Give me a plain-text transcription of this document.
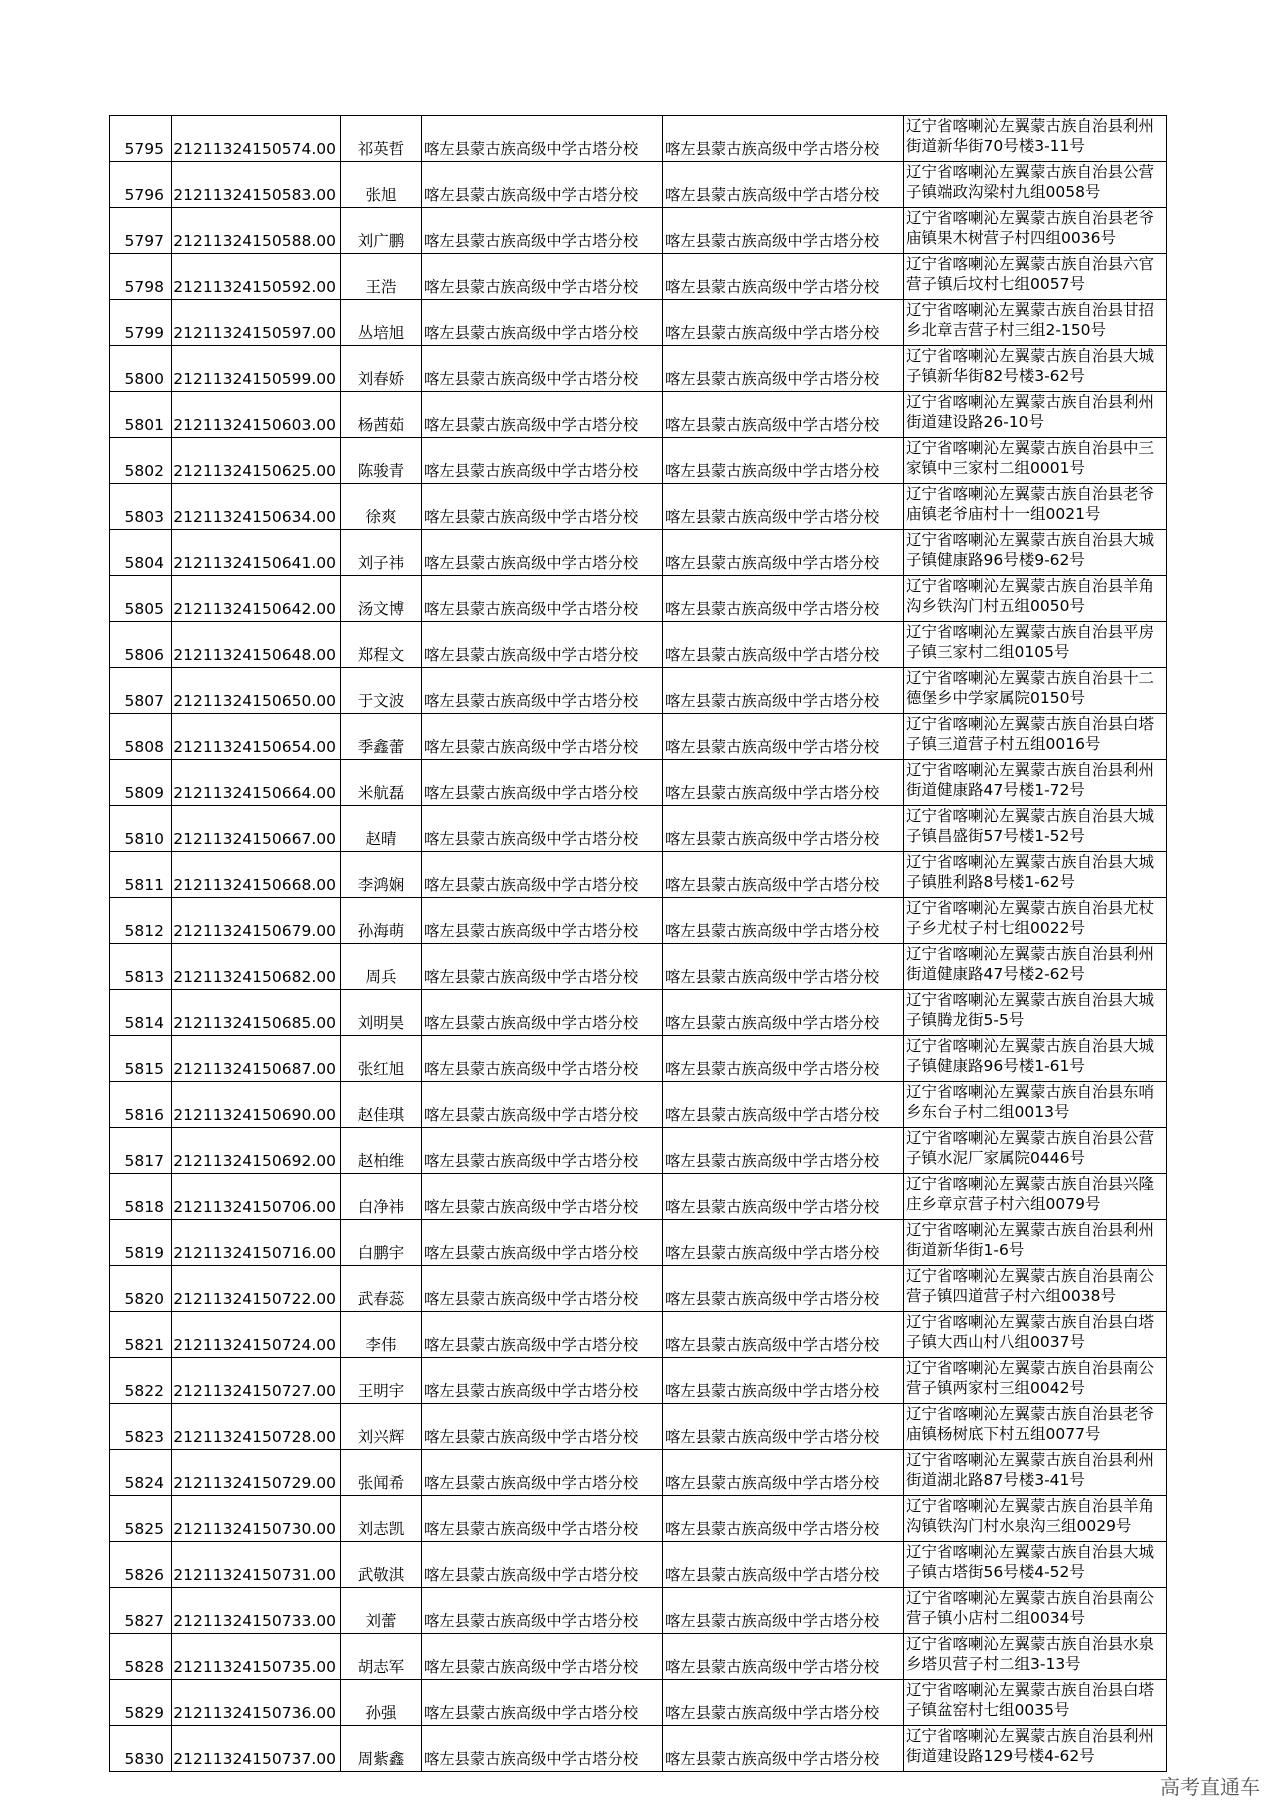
5795	21211324150574.00	祁英哲	喀左县蒙古族高级中学古塔分校	喀左县蒙古族高级中学古塔分校	辽宁省喀喇沁左翼蒙古族自治县利州街道新华街70号楼3-11号
5796	21211324150583.00	张旭	喀左县蒙古族高级中学古塔分校	喀左县蒙古族高级中学古塔分校	辽宁省喀喇沁左翼蒙古族自治县公营子镇端政沟梁村九组0058号
5797	21211324150588.00	刘广鹏	喀左县蒙古族高级中学古塔分校	喀左县蒙古族高级中学古塔分校	辽宁省喀喇沁左翼蒙古族自治县老爷庙镇果木树营子村四组0036号
5798	21211324150592.00	王浩	喀左县蒙古族高级中学古塔分校	喀左县蒙古族高级中学古塔分校	辽宁省喀喇沁左翼蒙古族自治县六官营子镇后坟村七组0057号
5799	21211324150597.00	丛培旭	喀左县蒙古族高级中学古塔分校	喀左县蒙古族高级中学古塔分校	辽宁省喀喇沁左翼蒙古族自治县甘招乡北章吉营子村三组2-150号
5800	21211324150599.00	刘春娇	喀左县蒙古族高级中学古塔分校	喀左县蒙古族高级中学古塔分校	辽宁省喀喇沁左翼蒙古族自治县大城子镇新华街82号楼3-62号
5801	21211324150603.00	杨茜茹	喀左县蒙古族高级中学古塔分校	喀左县蒙古族高级中学古塔分校	辽宁省喀喇沁左翼蒙古族自治县利州街道建设路26-10号
5802	21211324150625.00	陈骏青	喀左县蒙古族高级中学古塔分校	喀左县蒙古族高级中学古塔分校	辽宁省喀喇沁左翼蒙古族自治县中三家镇中三家村二组0001号
5803	21211324150634.00	徐爽	喀左县蒙古族高级中学古塔分校	喀左县蒙古族高级中学古塔分校	辽宁省喀喇沁左翼蒙古族自治县老爷庙镇老爷庙村十一组0021号
5804	21211324150641.00	刘子祎	喀左县蒙古族高级中学古塔分校	喀左县蒙古族高级中学古塔分校	辽宁省喀喇沁左翼蒙古族自治县大城子镇健康路96号楼9-62号
5805	21211324150642.00	汤文博	喀左县蒙古族高级中学古塔分校	喀左县蒙古族高级中学古塔分校	辽宁省喀喇沁左翼蒙古族自治县羊角沟乡铁沟门村五组0050号
5806	21211324150648.00	郑程文	喀左县蒙古族高级中学古塔分校	喀左县蒙古族高级中学古塔分校	辽宁省喀喇沁左翼蒙古族自治县平房子镇三家村二组0105号
5807	21211324150650.00	于文波	喀左县蒙古族高级中学古塔分校	喀左县蒙古族高级中学古塔分校	辽宁省喀喇沁左翼蒙古族自治县十二德堡乡中学家属院0150号
5808	21211324150654.00	季鑫蕾	喀左县蒙古族高级中学古塔分校	喀左县蒙古族高级中学古塔分校	辽宁省喀喇沁左翼蒙古族自治县白塔子镇三道营子村五组0016号
5809	21211324150664.00	米航磊	喀左县蒙古族高级中学古塔分校	喀左县蒙古族高级中学古塔分校	辽宁省喀喇沁左翼蒙古族自治县利州街道健康路47号楼1-72号
5810	21211324150667.00	赵晴	喀左县蒙古族高级中学古塔分校	喀左县蒙古族高级中学古塔分校	辽宁省喀喇沁左翼蒙古族自治县大城子镇昌盛街57号楼1-52号
5811	21211324150668.00	李鸿娴	喀左县蒙古族高级中学古塔分校	喀左县蒙古族高级中学古塔分校	辽宁省喀喇沁左翼蒙古族自治县大城子镇胜利路8号楼1-62号
5812	21211324150679.00	孙海萌	喀左县蒙古族高级中学古塔分校	喀左县蒙古族高级中学古塔分校	辽宁省喀喇沁左翼蒙古族自治县尤杖子乡尤杖子村七组0022号
5813	21211324150682.00	周兵	喀左县蒙古族高级中学古塔分校	喀左县蒙古族高级中学古塔分校	辽宁省喀喇沁左翼蒙古族自治县利州街道健康路47号楼2-62号
5814	21211324150685.00	刘明昊	喀左县蒙古族高级中学古塔分校	喀左县蒙古族高级中学古塔分校	辽宁省喀喇沁左翼蒙古族自治县大城子镇腾龙街5-5号
5815	21211324150687.00	张红旭	喀左县蒙古族高级中学古塔分校	喀左县蒙古族高级中学古塔分校	辽宁省喀喇沁左翼蒙古族自治县大城子镇健康路96号楼1-61号
5816	21211324150690.00	赵佳琪	喀左县蒙古族高级中学古塔分校	喀左县蒙古族高级中学古塔分校	辽宁省喀喇沁左翼蒙古族自治县东哨乡东台子村二组0013号
5817	21211324150692.00	赵柏维	喀左县蒙古族高级中学古塔分校	喀左县蒙古族高级中学古塔分校	辽宁省喀喇沁左翼蒙古族自治县公营子镇水泥厂家属院0446号
5818	21211324150706.00	白净祎	喀左县蒙古族高级中学古塔分校	喀左县蒙古族高级中学古塔分校	辽宁省喀喇沁左翼蒙古族自治县兴隆庄乡章京营子村六组0079号
5819	21211324150716.00	白鹏宇	喀左县蒙古族高级中学古塔分校	喀左县蒙古族高级中学古塔分校	辽宁省喀喇沁左翼蒙古族自治县利州街道新华街1-6号
5820	21211324150722.00	武春蕊	喀左县蒙古族高级中学古塔分校	喀左县蒙古族高级中学古塔分校	辽宁省喀喇沁左翼蒙古族自治县南公营子镇四道营子村六组0038号
5821	21211324150724.00	李伟	喀左县蒙古族高级中学古塔分校	喀左县蒙古族高级中学古塔分校	辽宁省喀喇沁左翼蒙古族自治县白塔子镇大西山村八组0037号
5822	21211324150727.00	王明宇	喀左县蒙古族高级中学古塔分校	喀左县蒙古族高级中学古塔分校	辽宁省喀喇沁左翼蒙古族自治县南公营子镇两家村三组0042号
5823	21211324150728.00	刘兴辉	喀左县蒙古族高级中学古塔分校	喀左县蒙古族高级中学古塔分校	辽宁省喀喇沁左翼蒙古族自治县老爷庙镇杨树底下村五组0077号
5824	21211324150729.00	张闻希	喀左县蒙古族高级中学古塔分校	喀左县蒙古族高级中学古塔分校	辽宁省喀喇沁左翼蒙古族自治县利州街道湖北路87号楼3-41号
5825	21211324150730.00	刘志凯	喀左县蒙古族高级中学古塔分校	喀左县蒙古族高级中学古塔分校	辽宁省喀喇沁左翼蒙古族自治县羊角沟镇铁沟门村水泉沟三组0029号
5826	21211324150731.00	武敬淇	喀左县蒙古族高级中学古塔分校	喀左县蒙古族高级中学古塔分校	辽宁省喀喇沁左翼蒙古族自治县大城子镇古塔街56号楼4-52号
5827	21211324150733.00	刘蕾	喀左县蒙古族高级中学古塔分校	喀左县蒙古族高级中学古塔分校	辽宁省喀喇沁左翼蒙古族自治县南公营子镇小店村二组0034号
5828	21211324150735.00	胡志军	喀左县蒙古族高级中学古塔分校	喀左县蒙古族高级中学古塔分校	辽宁省喀喇沁左翼蒙古族自治县水泉乡塔贝营子村二组3-13号
5829	21211324150736.00	孙强	喀左县蒙古族高级中学古塔分校	喀左县蒙古族高级中学古塔分校	辽宁省喀喇沁左翼蒙古族自治县白塔子镇盆窑村七组0035号
5830	21211324150737.00	周紫鑫	喀左县蒙古族高级中学古塔分校	喀左县蒙古族高级中学古塔分校	辽宁省喀喇沁左翼蒙古族自治县利州街道建设路129号楼4-62号
高考直通车
